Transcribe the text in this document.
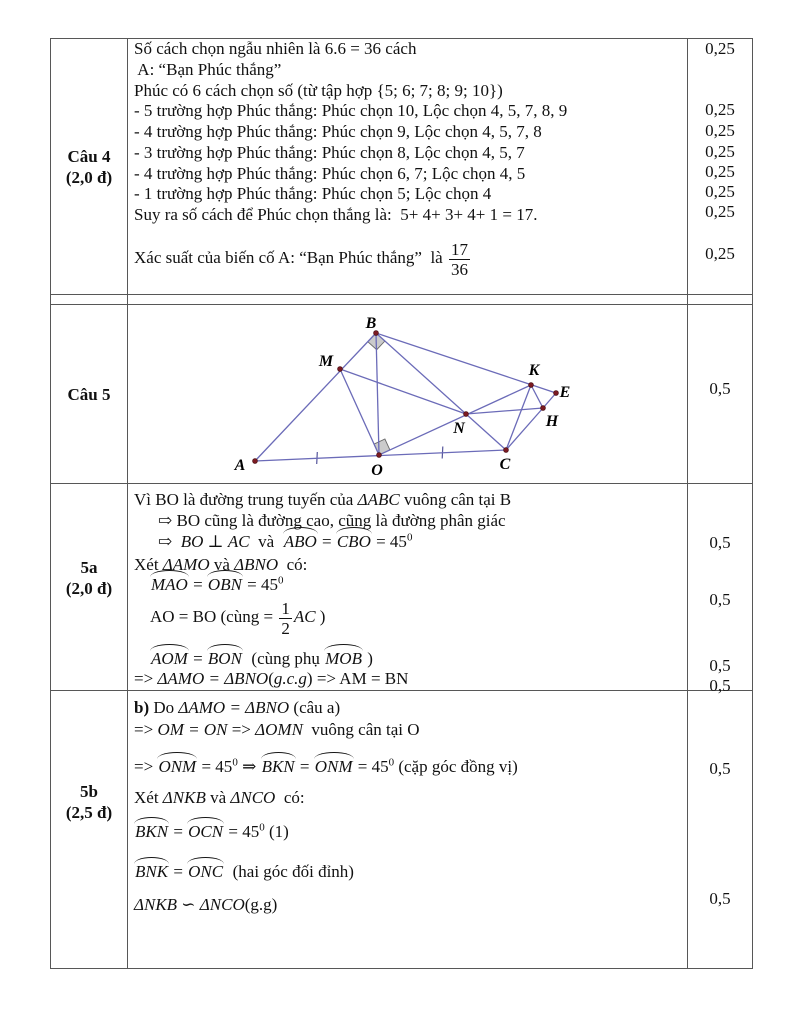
Câu 4
(2,0 đ)
Câu 5
5a
(2,0 đ)
5b
(2,5 đ)
Số cách chọn ngẫu nhiên là 6.6 = 36 cách
A: “Bạn Phúc thắng”
Phúc có 6 cách chọn số (từ tập hợp {5; 6; 7; 8; 9; 10})
- 5 trường hợp Phúc thắng: Phúc chọn 10, Lộc chọn 4, 5, 7, 8, 9
- 4 trường hợp Phúc thắng: Phúc chọn 9, Lộc chọn 4, 5, 7, 8
- 3 trường hợp Phúc thắng: Phúc chọn 8, Lộc chọn 4, 5, 7
- 4 trường hợp Phúc thắng: Phúc chọn 6, 7; Lộc chọn 4, 5
- 1 trường hợp Phúc thắng: Phúc chọn 5; Lộc chọn 4
Suy ra số cách để Phúc chọn thắng là:  5+ 4+ 3+ 4+ 1 = 17.
Xác suất của biến cố A: “Bạn Phúc thắng”  là $\frac{17}{36}$
A
B
M
O
N
C
K
E
H
Vì BO là đường trung tuyến của ΔABC vuông cân tại B
⇨ BO cũng là đường cao, cũng là đường phân giác
⇨  BO ⊥ AC  và  ABO = CBO = $45^0$
Xét ΔAMO và ΔBNO  có:
MAO = OBN = $45^0$
AO = BO (cùng = $\frac{1}{2}$ AC )
AOM = BON  (cùng phụ MOB )
=> ΔAMO = ΔBNO(g.c.g) => AM = BN
b) Do ΔAMO = ΔBNO (câu a)
=> OM = ON => ΔOMN  vuông cân tại O
=> ONM = $45^0$ ⇒ BKN = ONM = $45^0$ (cặp góc đồng vị)
Xét ΔNKB và ΔNCO  có:
BKN = OCN = $45^0$ (1)
BNK = ONC  (hai góc đối đỉnh)
ΔNKB ∽ ΔNCO(g.g)
0,25
0,25
0,25
0,25
0,25
0,25
0,25
0,25
0,5
0,5
0,5
0,5
0,5
0,5
0,5
